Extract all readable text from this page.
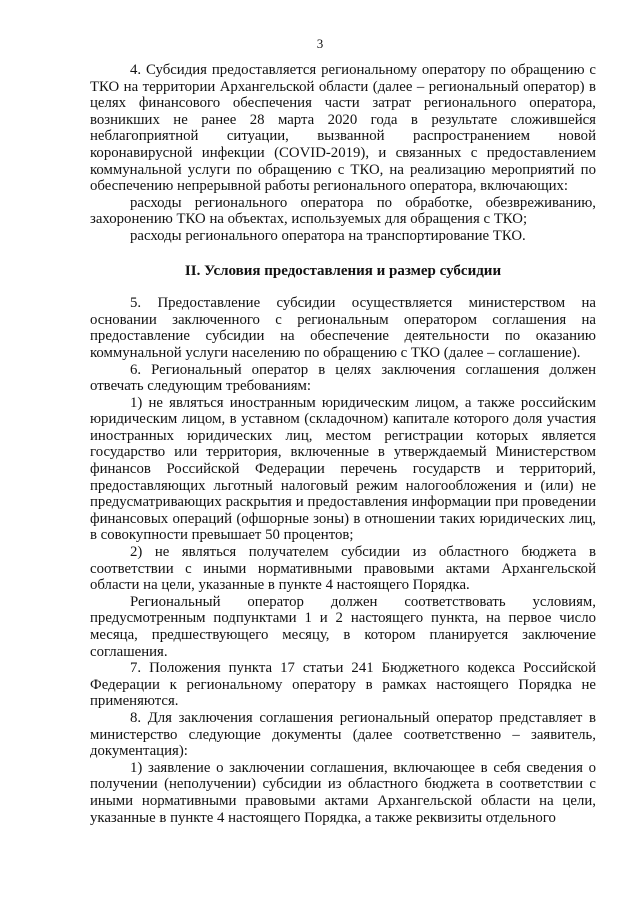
3

4. Субсидия предоставляется региональному оператору по обращению с ТКО на территории Архангельской области (далее – региональный оператор) в целях финансового обеспечения части затрат регионального оператора, возникших не ранее 28 марта 2020 года в результате сложившейся неблагоприятной ситуации, вызванной распространением новой коронавирусной инфекции (COVID-2019), и связанных с предоставлением коммунальной услуги по обращению с ТКО, на реализацию мероприятий по обеспечению непрерывной работы регионального оператора, включающих:

расходы регионального оператора по обработке, обезвреживанию, захоронению ТКО на объектах, используемых для обращения с ТКО;

расходы регионального оператора на транспортирование ТКО.

II. Условия предоставления и размер субсидии

5. Предоставление субсидии осуществляется министерством на основании заключенного с региональным оператором соглашения на предоставление субсидии на обеспечение деятельности по оказанию коммунальной услуги населению по обращению с ТКО (далее – соглашение).

6. Региональный оператор в целях заключения соглашения должен отвечать следующим требованиям:

1) не являться иностранным юридическим лицом, а также российским юридическим лицом, в уставном (складочном) капитале которого доля участия иностранных юридических лиц, местом регистрации которых является государство или территория, включенные в утверждаемый Министерством финансов Российской Федерации перечень государств и территорий, предоставляющих льготный налоговый режим налогообложения и (или) не предусматривающих раскрытия и предоставления информации при проведении финансовых операций (офшорные зоны) в отношении таких юридических лиц, в совокупности превышает 50 процентов;

2) не являться получателем субсидии из областного бюджета в соответствии с иными нормативными правовыми актами Архангельской области на цели, указанные в пункте 4 настоящего Порядка.

Региональный оператор должен соответствовать условиям, предусмотренным подпунктами 1 и 2 настоящего пункта, на первое число месяца, предшествующего месяцу, в котором планируется заключение соглашения.

7. Положения пункта 17 статьи 241 Бюджетного кодекса Российской Федерации к региональному оператору в рамках настоящего Порядка не применяются.

8. Для заключения соглашения региональный оператор представляет в министерство следующие документы (далее соответственно – заявитель, документация):

1) заявление о заключении соглашения, включающее в себя сведения о получении (неполучении) субсидии из областного бюджета в соответствии с иными нормативными правовыми актами Архангельской области на цели, указанные в пункте 4 настоящего Порядка, а также реквизиты отдельного
